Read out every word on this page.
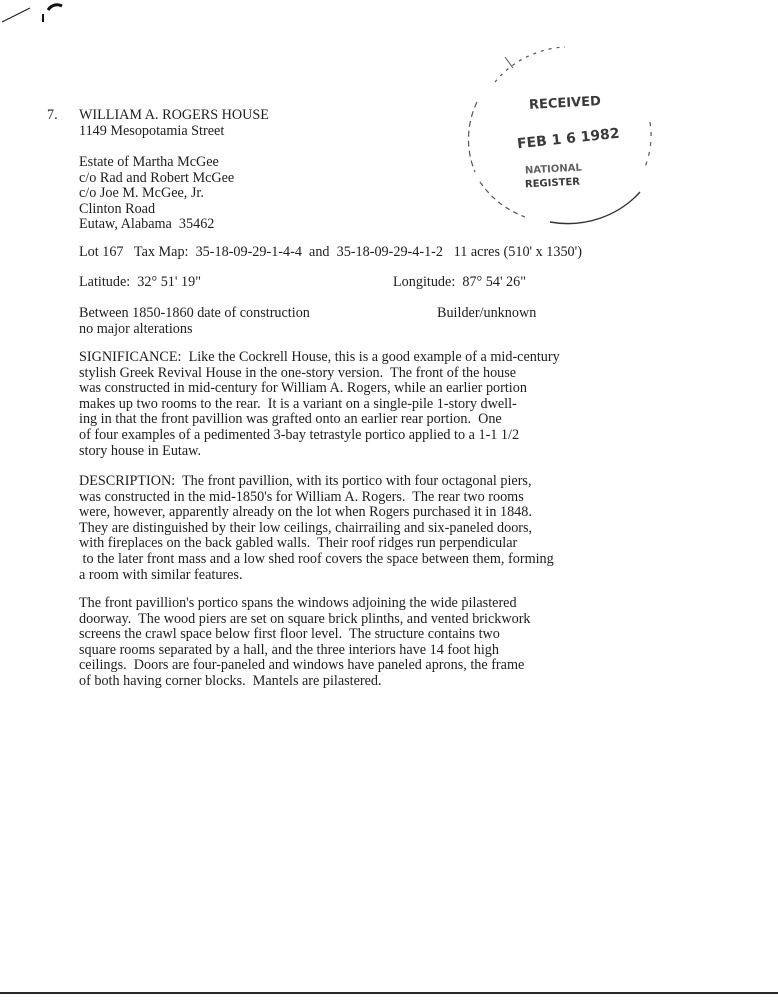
7. WILLIAM A. ROGERS HOUSE
1149 Mesopotamia Street
Estate of Martha McGee
c/o Rad and Robert McGee
c/o Joe M. McGee, Jr.
Clinton Road
Eutaw, Alabama  35462
Lot 167   Tax Map:  35-18-09-29-1-4-4  and  35-18-09-29-4-1-2   11 acres (510' x 1350')
Latitude:  32° 51' 19"	Longitude:  87° 54' 26"
Between 1850-1860 date of construction
no major alterations
Builder/unknown
SIGNIFICANCE:  Like the Cockrell House, this is a good example of a mid-century
stylish Greek Revival House in the one-story version.  The front of the house
was constructed in mid-century for William A. Rogers, while an earlier portion
makes up two rooms to the rear.  It is a variant on a single-pile 1-story dwell-
ing in that the front pavillion was grafted onto an earlier rear portion.  One
of four examples of a pedimented 3-bay tetrastyle portico applied to a 1-1 1/2
story house in Eutaw.
DESCRIPTION:  The front pavillion, with its portico with four octagonal piers,
was constructed in the mid-1850's for William A. Rogers.  The rear two rooms
were, however, apparently already on the lot when Rogers purchased it in 1848.
They are distinguished by their low ceilings, chairrailing and six-paneled doors,
with fireplaces on the back gabled walls.  Their roof ridges run perpendicular
to the later front mass and a low shed roof covers the space between them, forming
a room with similar features.
The front pavillion's portico spans the windows adjoining the wide pilastered
doorway.  The wood piers are set on square brick plinths, and vented brickwork
screens the crawl space below first floor level.  The structure contains two
square rooms separated by a hall, and the three interiors have 14 foot high
ceilings.  Doors are four-paneled and windows have paneled aprons, the frame
of both having corner blocks.  Mantels are pilastered.
RECEIVED
FEB 1 6 1982
NATIONAL
REGISTER
